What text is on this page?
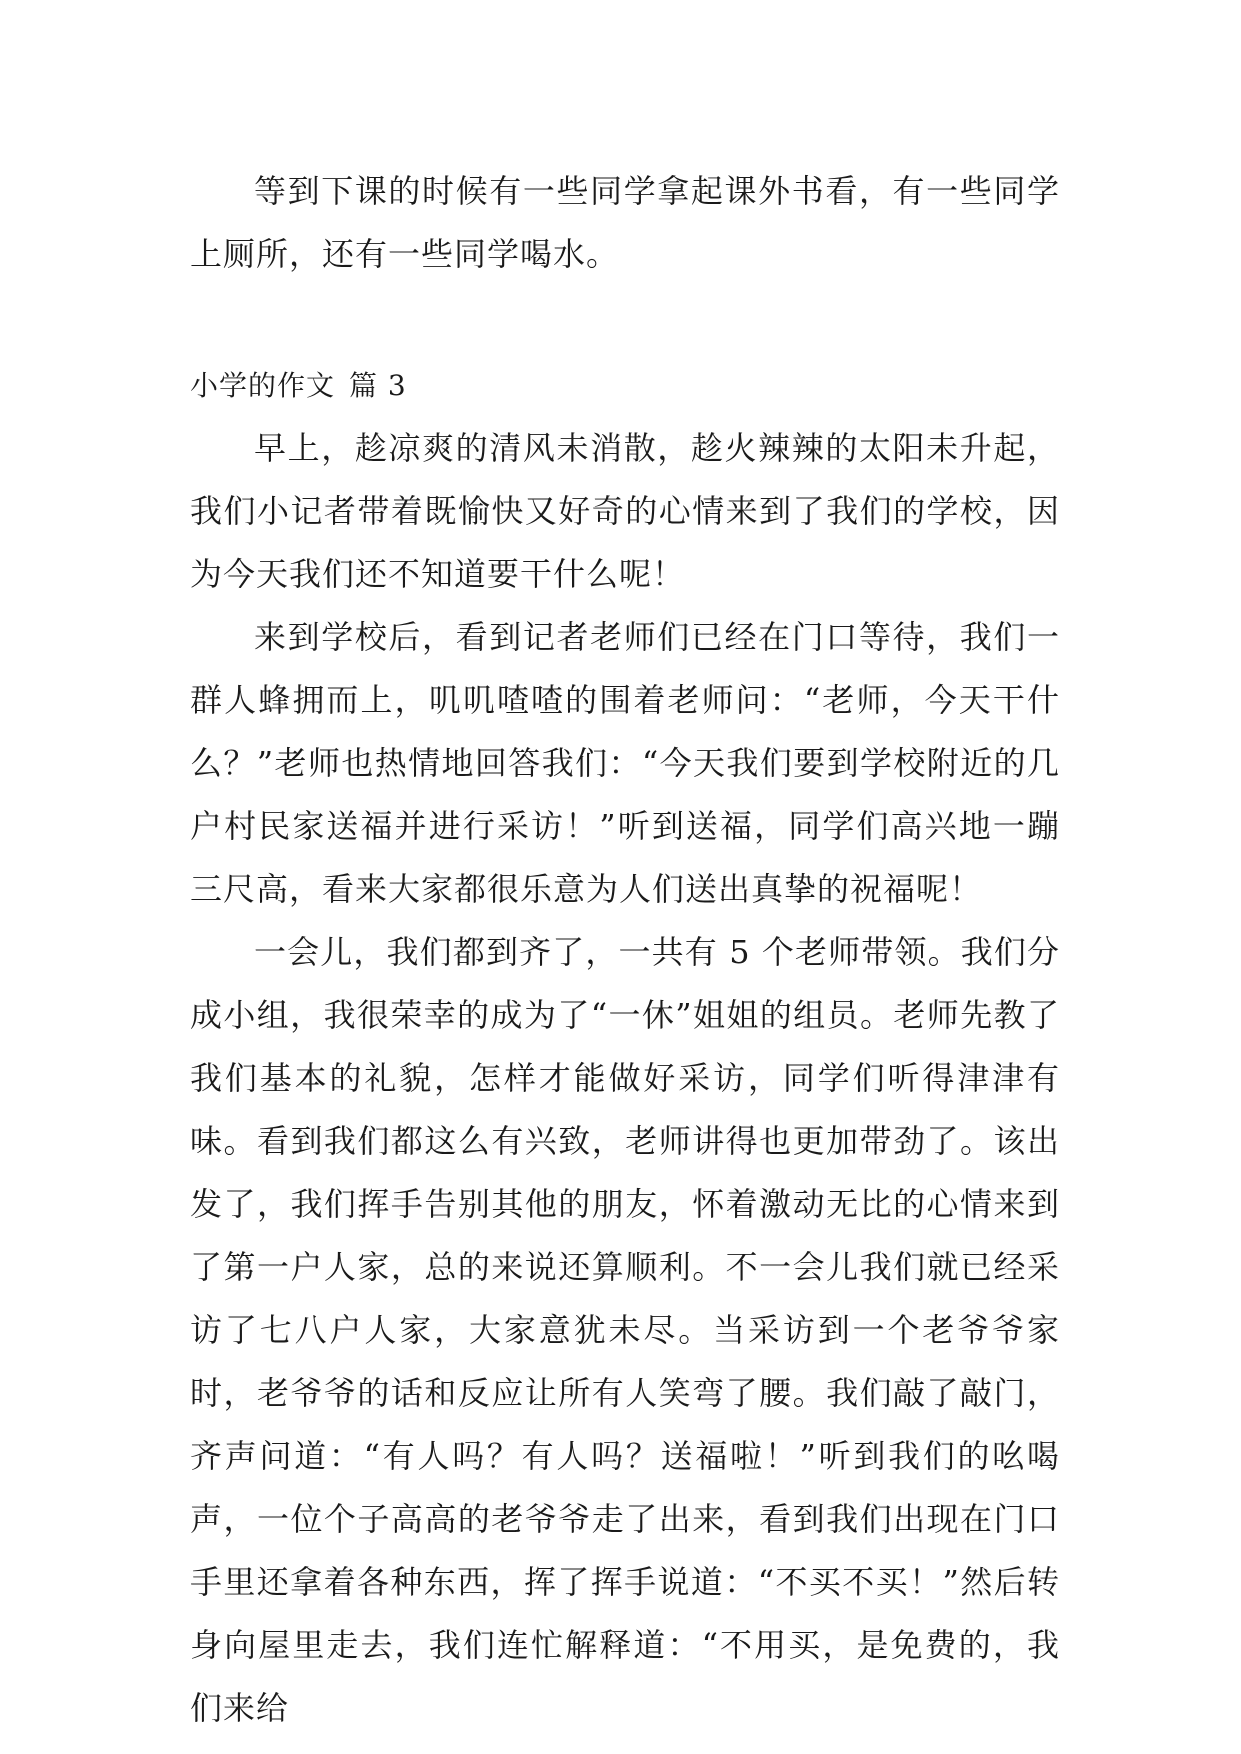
等到下课的时候有一些同学拿起课外书看，有一些同学上厕所，还有一些同学喝水。

小学的作文 篇 3

早上，趁凉爽的清风未消散，趁火辣辣的太阳未升起，我们小记者带着既愉快又好奇的心情来到了我们的学校，因为今天我们还不知道要干什么呢！

来到学校后，看到记者老师们已经在门口等待，我们一群人蜂拥而上，叽叽喳喳的围着老师问：“老师，今天干什么？”老师也热情地回答我们：“今天我们要到学校附近的几户村民家送福并进行采访！”听到送福，同学们高兴地一蹦三尺高，看来大家都很乐意为人们送出真挚的祝福呢！

一会儿，我们都到齐了，一共有 5 个老师带领。我们分成小组，我很荣幸的成为了“一休”姐姐的组员。老师先教了我们基本的礼貌，怎样才能做好采访，同学们听得津津有味。看到我们都这么有兴致，老师讲得也更加带劲了。该出发了，我们挥手告别其他的朋友，怀着激动无比的心情来到了第一户人家，总的来说还算顺利。不一会儿我们就已经采访了七八户人家，大家意犹未尽。当采访到一个老爷爷家时，老爷爷的话和反应让所有人笑弯了腰。我们敲了敲门，齐声问道：“有人吗？有人吗？送福啦！”听到我们的吆喝声，一位个子高高的老爷爷走了出来，看到我们出现在门口手里还拿着各种东西，挥了挥手说道：“不买不买！”然后转身向屋里走去，我们连忙解释道：“不用买，是免费的，我们来给
